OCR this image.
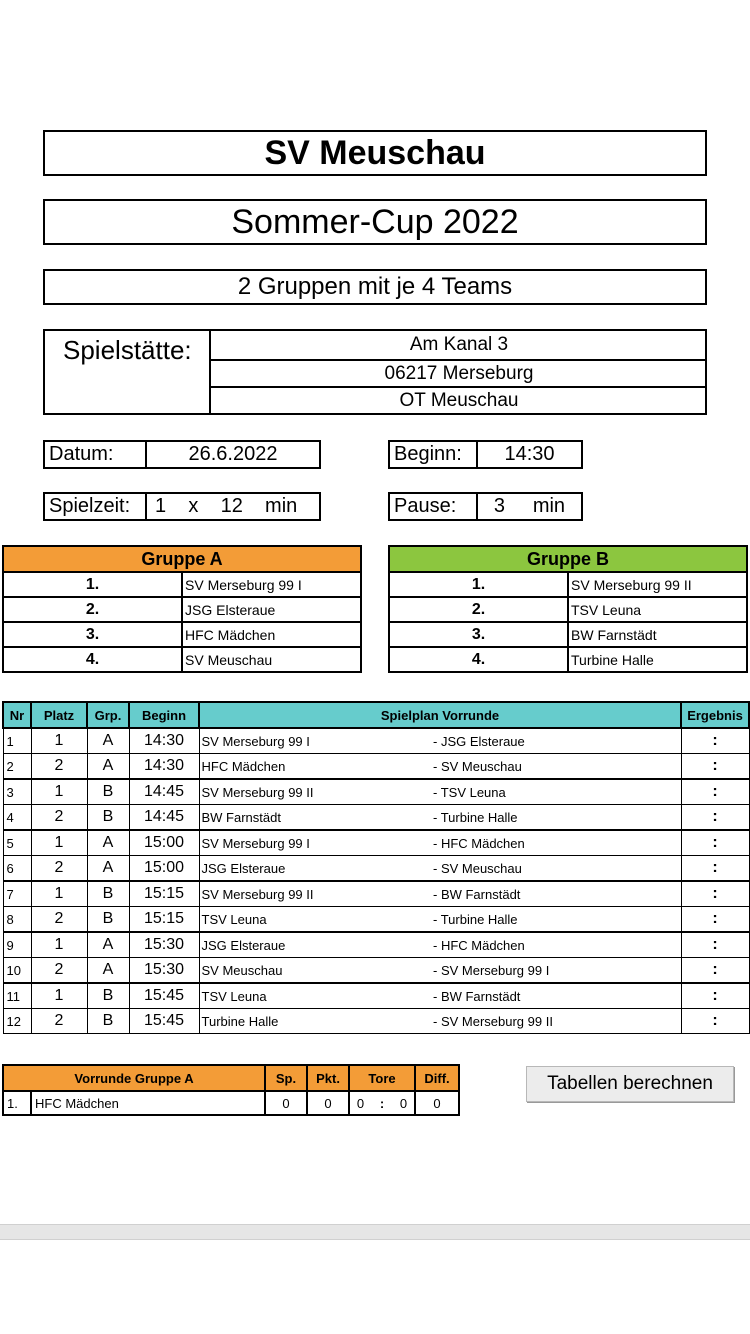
SV Meuschau
Sommer-Cup 2022
2 Gruppen mit je 4 Teams
Spielstätte:	Am Kanal 3
06217 Merseburg
OT Meuschau
Datum:	26.6.2022	Beginn:	14:30
Spielzeit:	1    x    12    min	Pause:	3     min
Gruppe A	
1.	SV Merseburg 99 I
2.	JSG Elsteraue
3.	HFC Mädchen
4.	SV Meuschau
Gruppe B	
1.	SV Merseburg 99 II
2.	TSV Leuna
3.	BW Farnstädt
4.	Turbine Halle
Nr	Platz	Grp.	Beginn	Spielplan Vorrunde		Ergebnis
1	1	A	14:30	SV Merseburg 99 I	- JSG Elsteraue	:
2	2	A	14:30	HFC Mädchen	- SV Meuschau	:
3	1	B	14:45	SV Merseburg 99 II	- TSV Leuna	:
4	2	B	14:45	BW Farnstädt	- Turbine Halle	:
5	1	A	15:00	SV Merseburg 99 I	- HFC Mädchen	:
6	2	A	15:00	JSG Elsteraue	- SV Meuschau	:
7	1	B	15:15	SV Merseburg 99 II	- BW Farnstädt	:
8	2	B	15:15	TSV Leuna	- Turbine Halle	:
9	1	A	15:30	JSG Elsteraue	- HFC Mädchen	:
10	2	A	15:30	SV Meuschau	- SV Merseburg 99 I	:
11	1	B	15:45	TSV Leuna	- BW Farnstädt	:
12	2	B	15:45	Turbine Halle	- SV Merseburg 99 II	:
Vorrunde Gruppe A		Sp.	Pkt.	Tore			Diff.
1.	HFC Mädchen	0	0	0	:	0	0
Tabellen berechnen
